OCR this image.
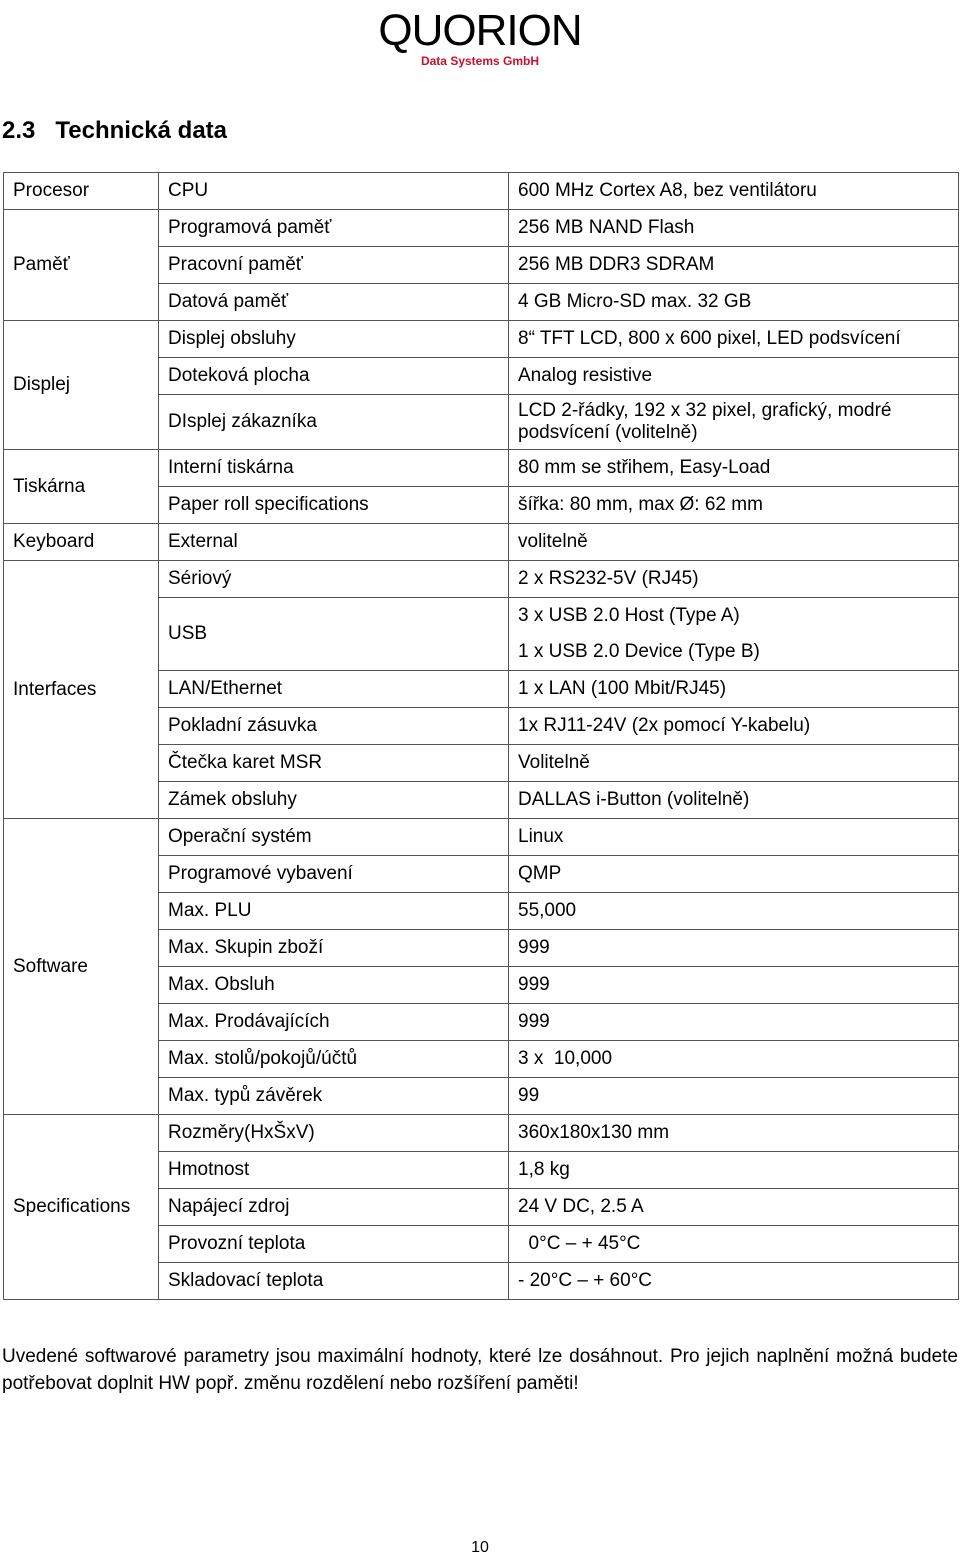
QUORION
Data Systems GmbH
2.3 Technická data
Procesor	CPU	600 MHz Cortex A8, bez ventilátoru
Paměť	Programová paměť	256 MB NAND Flash
	Pracovní paměť	256 MB DDR3 SDRAM
	Datová paměť	4 GB Micro-SD max. 32 GB
Displej	Displej obsluhy	8“ TFT LCD, 800 x 600 pixel, LED podsvícení
	Doteková plocha	Analog resistive
	DIsplej zákazníka	LCD 2-řádky, 192 x 32 pixel, grafický, modré podsvícení (volitelně)
Tiskárna	Interní tiskárna	80 mm se střihem, Easy-Load
	Paper roll specifications	šířka: 80 mm, max Ø: 62 mm
Keyboard	External	volitelně
Interfaces	Sériový	2 x RS232-5V (RJ45)
	USB	3 x USB 2.0 Host (Type A)
		1 x USB 2.0 Device (Type B)
	LAN/Ethernet	1 x LAN (100 Mbit/RJ45)
	Pokladní zásuvka	1x RJ11-24V (2x pomocí Y-kabelu)
	Čtečka karet MSR	Volitelně
	Zámek obsluhy	DALLAS i-Button (volitelně)
Software	Operační systém	Linux
	Programové vybavení	QMP
	Max. PLU	55,000
	Max. Skupin zboží	999
	Max. Obsluh	999
	Max. Prodávajících	999
	Max. stolů/pokojů/účtů	3 x  10,000
	Max. typů závěrek	99
Specifications	Rozměry(HxŠxV)	360x180x130 mm
	Hmotnost	1,8 kg
	Napájecí zdroj	24 V DC, 2.5 A
	Provozní teplota	0°C – + 45°C
	Skladovací teplota	- 20°C – + 60°C
Uvedené softwarové parametry jsou maximální hodnoty, které lze dosáhnout. Pro jejich naplnění možná budete potřebovat doplnit HW popř. změnu rozdělení nebo rozšíření paměti!
10
